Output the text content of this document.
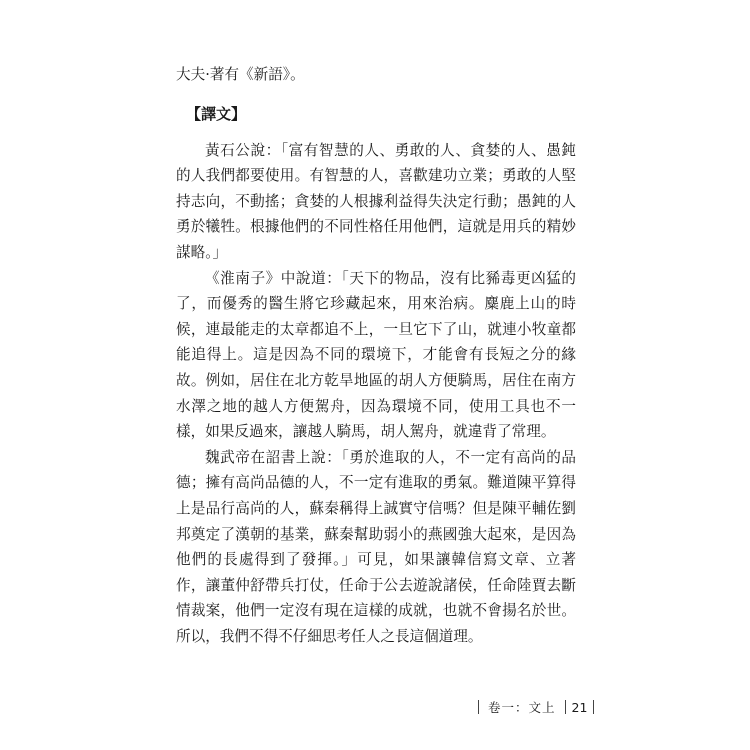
大夫·著有《新語》。

【譯文】

黃石公說：「富有智慧的人、勇敢的人、貪婪的人、愚鈍的人我們都要使用。有智慧的人，喜歡建功立業；勇敢的人堅持志向，不動搖；貪婪的人根據利益得失決定行動；愚鈍的人勇於犧牲。根據他們的不同性格任用他們，這就是用兵的精妙謀略。」

《淮南子》中說道：「天下的物品，沒有比豨毒更凶猛的了，而優秀的醫生將它珍藏起來，用來治病。麋鹿上山的時候，連最能走的太章都追不上，一旦它下了山，就連小牧童都能追得上。這是因為不同的環境下，才能會有長短之分的緣故。例如，居住在北方乾旱地區的胡人方便騎馬，居住在南方水澤之地的越人方便駕舟，因為環境不同，使用工具也不一樣，如果反過來，讓越人騎馬，胡人駕舟，就違背了常理。

魏武帝在詔書上說：「勇於進取的人，不一定有高尚的品德；擁有高尚品德的人，不一定有進取的勇氣。難道陳平算得上是品行高尚的人，蘇秦稱得上誠實守信嗎？但是陳平輔佐劉邦奠定了漢朝的基業，蘇秦幫助弱小的燕國強大起來，是因為他們的長處得到了發揮。」可見，如果讓韓信寫文章、立著作，讓董仲舒帶兵打仗，任命于公去遊說諸侯，任命陸賈去斷情裁案，他們一定沒有現在這樣的成就，也就不會揚名於世。所以，我們不得不仔細思考任人之長這個道理。

卷一：文上	21
